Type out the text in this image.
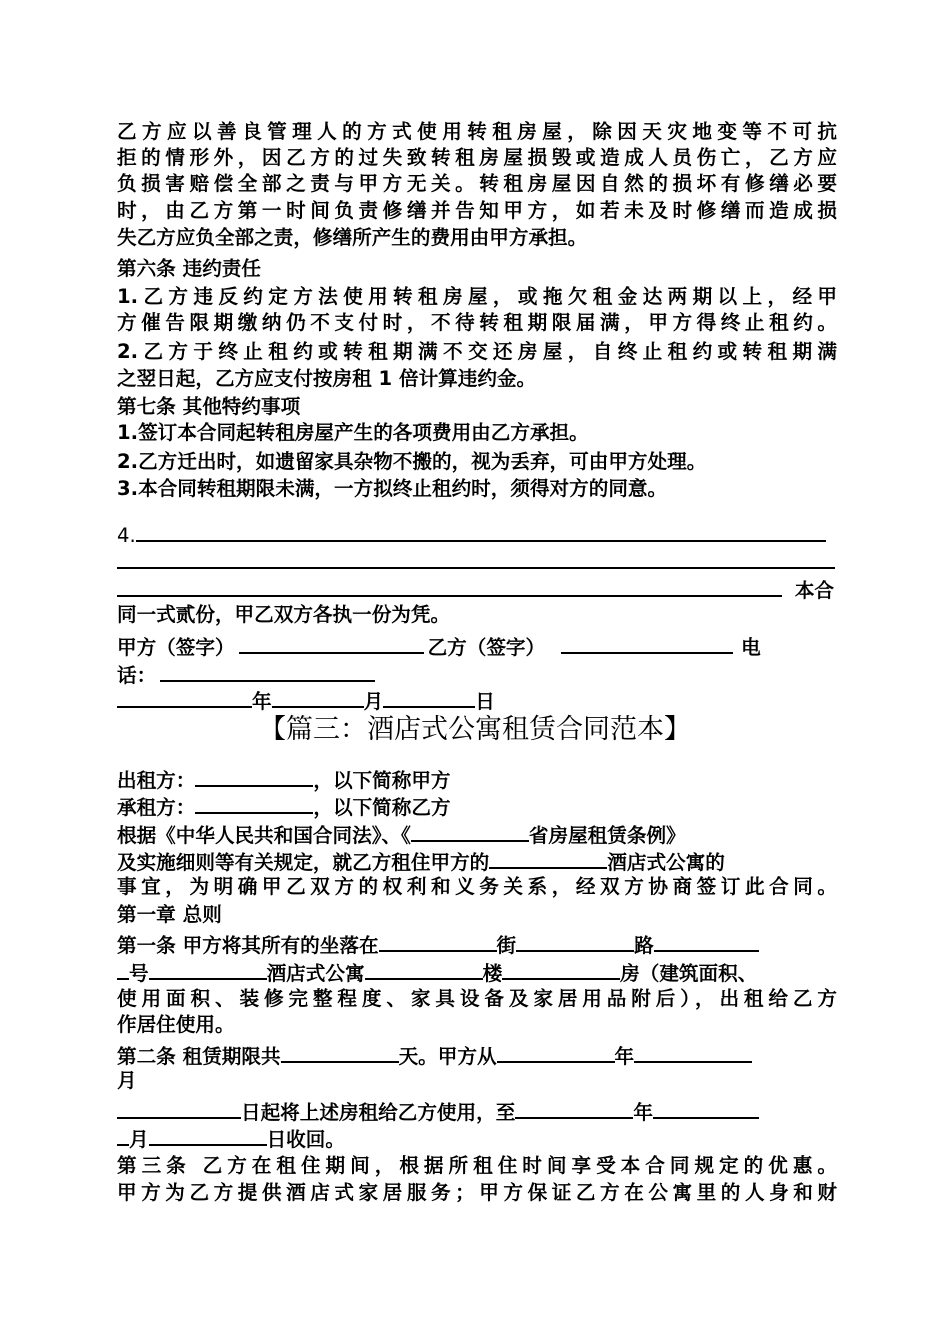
乙方应以善良管理人的方式使用转租房屋，除因天灾地变等不可抗
拒的情形外，因乙方的过失致转租房屋损毁或造成人员伤亡，乙方应
负损害赔偿全部之责与甲方无关。转租房屋因自然的损坏有修缮必要
时，由乙方第一时间负责修缮并告知甲方，如若未及时修缮而造成损
失乙方应负全部之责，修缮所产生的费用由甲方承担。
第六条 违约责任
1.乙方违反约定方法使用转租房屋，或拖欠租金达两期以上，经甲
方催告限期缴纳仍不支付时，不待转租期限届满，甲方得终止租约。
2.乙方于终止租约或转租期满不交还房屋，自终止租约或转租期满
之翌日起，乙方应支付按房租 1 倍计算违约金。
第七条 其他特约事项
1.签订本合同起转租房屋产生的各项费用由乙方承担。
2.乙方迁出时，如遗留家具杂物不搬的，视为丢弃，可由甲方处理。
3.本合同转租期限未满，一方拟终止租约时，须得对方的同意。
4.
本合
同一式贰份，甲乙双方各执一份为凭。
甲方（签字）	乙方（签字）	电
话：
年	月	日
【篇三：酒店式公寓租赁合同范本】
出租方：	，以下简称甲方
承租方：	，以下简称乙方
根据《中华人民共和国合同法》、《	省房屋租赁条例》
及实施细则等有关规定，就乙方租住甲方的	酒店式公寓的
事宜，为明确甲乙双方的权利和义务关系，经双方协商签订此合同。
第一章 总则
第一条 甲方将其所有的坐落在	街	路
号	酒店式公寓	楼	房（建筑面积、
使用面积、装修完整程度、家具设备及家居用品附后），出租给乙方
作居住使用。
第二条 租赁期限共	天。甲方从	年
月
日起将上述房租给乙方使用，至	年
月	日收回。
第三条 乙方在租住期间，根据所租住时间享受本合同规定的优惠。
甲方为乙方提供酒店式家居服务；甲方保证乙方在公寓里的人身和财
